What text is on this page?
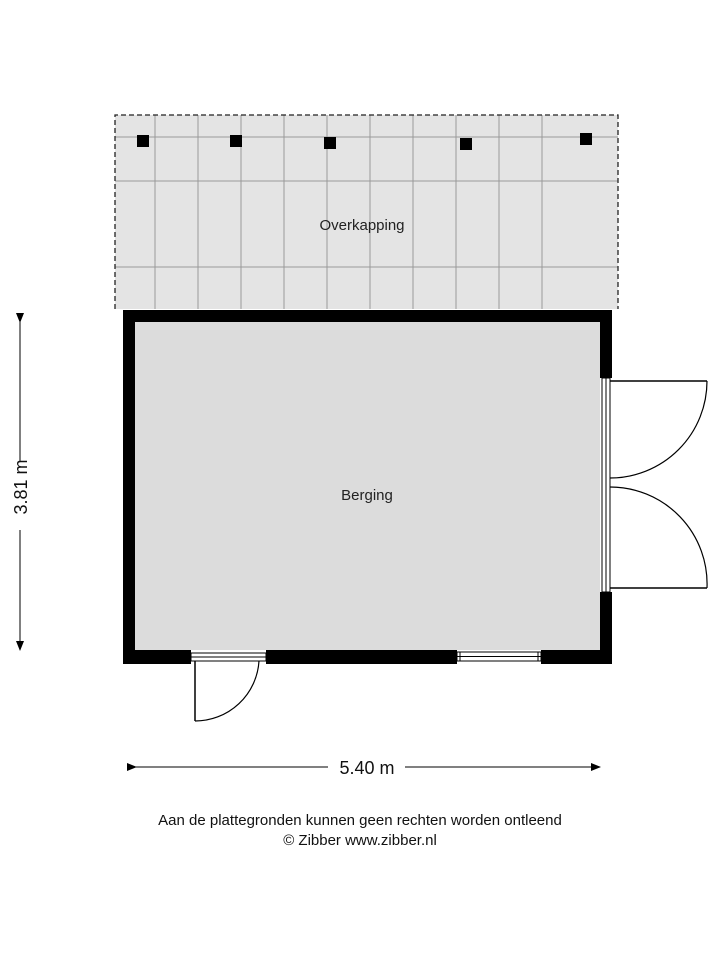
Overkapping
Berging
3.81 m
5.40 m
Aan de plattegronden kunnen geen rechten worden ontleend
© Zibber www.zibber.nl
